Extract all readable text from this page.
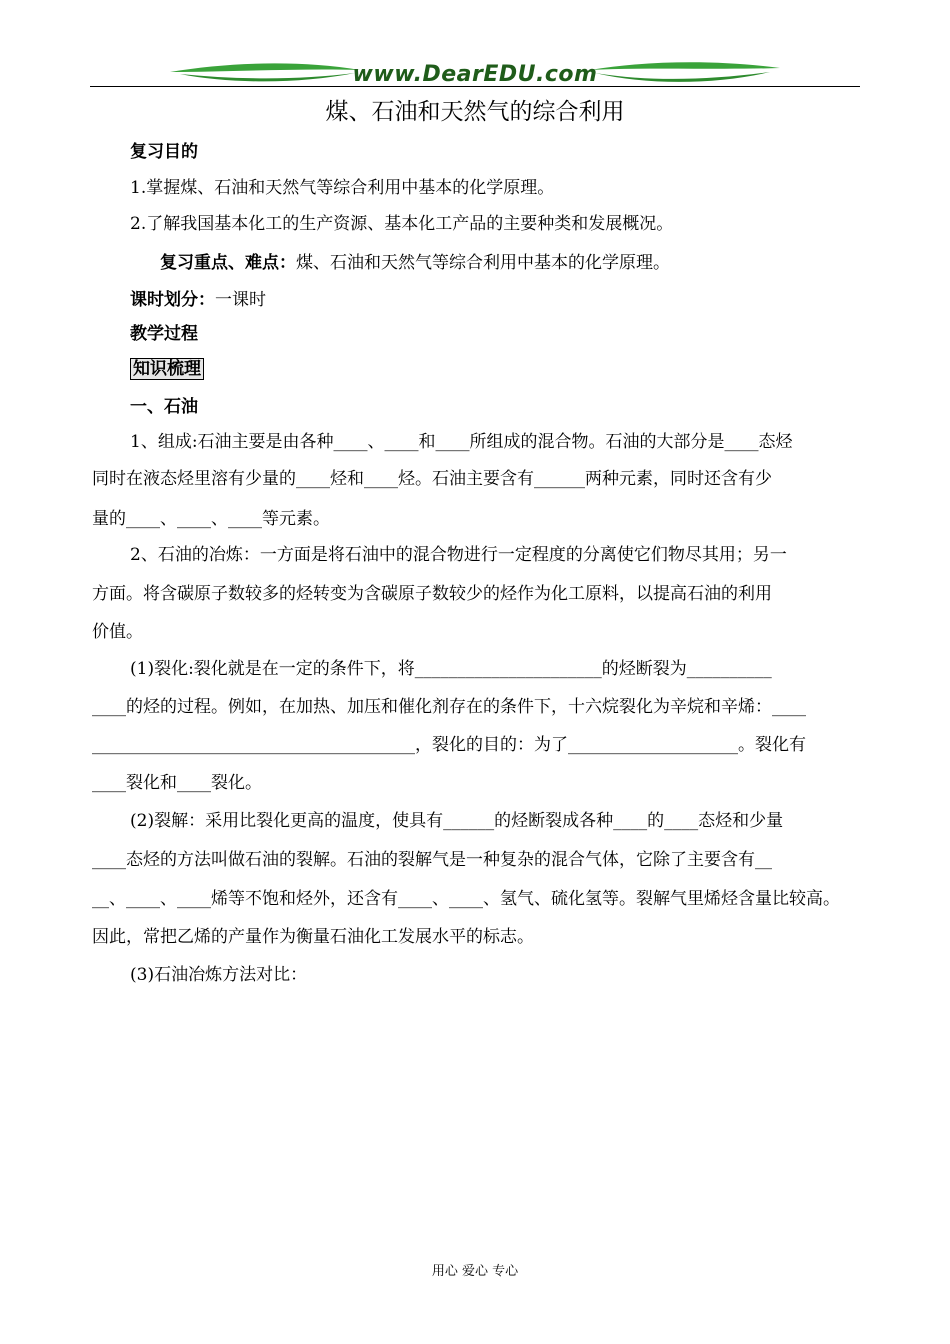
www.DearEDU.com
煤、石油和天然气的综合利用
复习目的
1.掌握煤、石油和天然气等综合利用中基本的化学原理。
2.了解我国基本化工的生产资源、基本化工产品的主要种类和发展概况。
复习重点、难点：煤、石油和天然气等综合利用中基本的化学原理。
课时划分：一课时
教学过程
知识梳理
一、石油
1、组成:石油主要是由各种____、____和____所组成的混合物。石油的大部分是____态烃
同时在液态烃里溶有少量的____烃和____烃。石油主要含有______两种元素，同时还含有少
量的____、____、____等元素。
2、石油的冶炼：一方面是将石油中的混合物进行一定程度的分离使它们物尽其用；另一
方面。将含碳原子数较多的烃转变为含碳原子数较少的烃作为化工原料，以提高石油的利用
价值。
(1)裂化:裂化就是在一定的条件下，将______________________的烃断裂为__________
____的烃的过程。例如，在加热、加压和催化剂存在的条件下，十六烷裂化为辛烷和辛烯：____
______________________________________，裂化的目的：为了____________________。裂化有
____裂化和____裂化。
(2)裂解：采用比裂化更高的温度，使具有______的烃断裂成各种____的____态烃和少量
____态烃的方法叫做石油的裂解。石油的裂解气是一种复杂的混合气体，它除了主要含有__
__、____、____烯等不饱和烃外，还含有____、____、氢气、硫化氢等。裂解气里烯烃含量比较高。
因此，常把乙烯的产量作为衡量石油化工发展水平的标志。
(3)石油冶炼方法对比：
用心 爱心 专心
